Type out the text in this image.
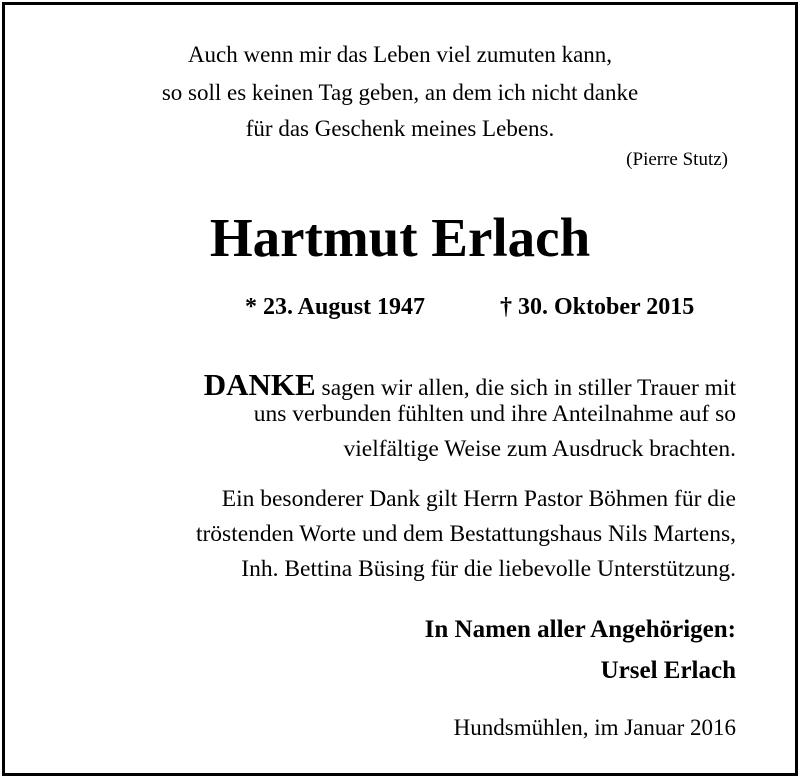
Auch wenn mir das Leben viel zumuten kann,
so soll es keinen Tag geben, an dem ich nicht danke
für das Geschenk meines Lebens.
(Pierre Stutz)
Hartmut Erlach
* 23. August 1947	† 30. Oktober 2015
DANKE sagen wir allen, die sich in stiller Trauer mit
uns verbunden fühlten und ihre Anteilnahme auf so
vielfältige Weise zum Ausdruck brachten.
Ein besonderer Dank gilt Herrn Pastor Böhmen für die
tröstenden Worte und dem Bestattungshaus Nils Martens,
Inh. Bettina Büsing für die liebevolle Unterstützung.
In Namen aller Angehörigen:
Ursel Erlach
Hundsmühlen, im Januar 2016
